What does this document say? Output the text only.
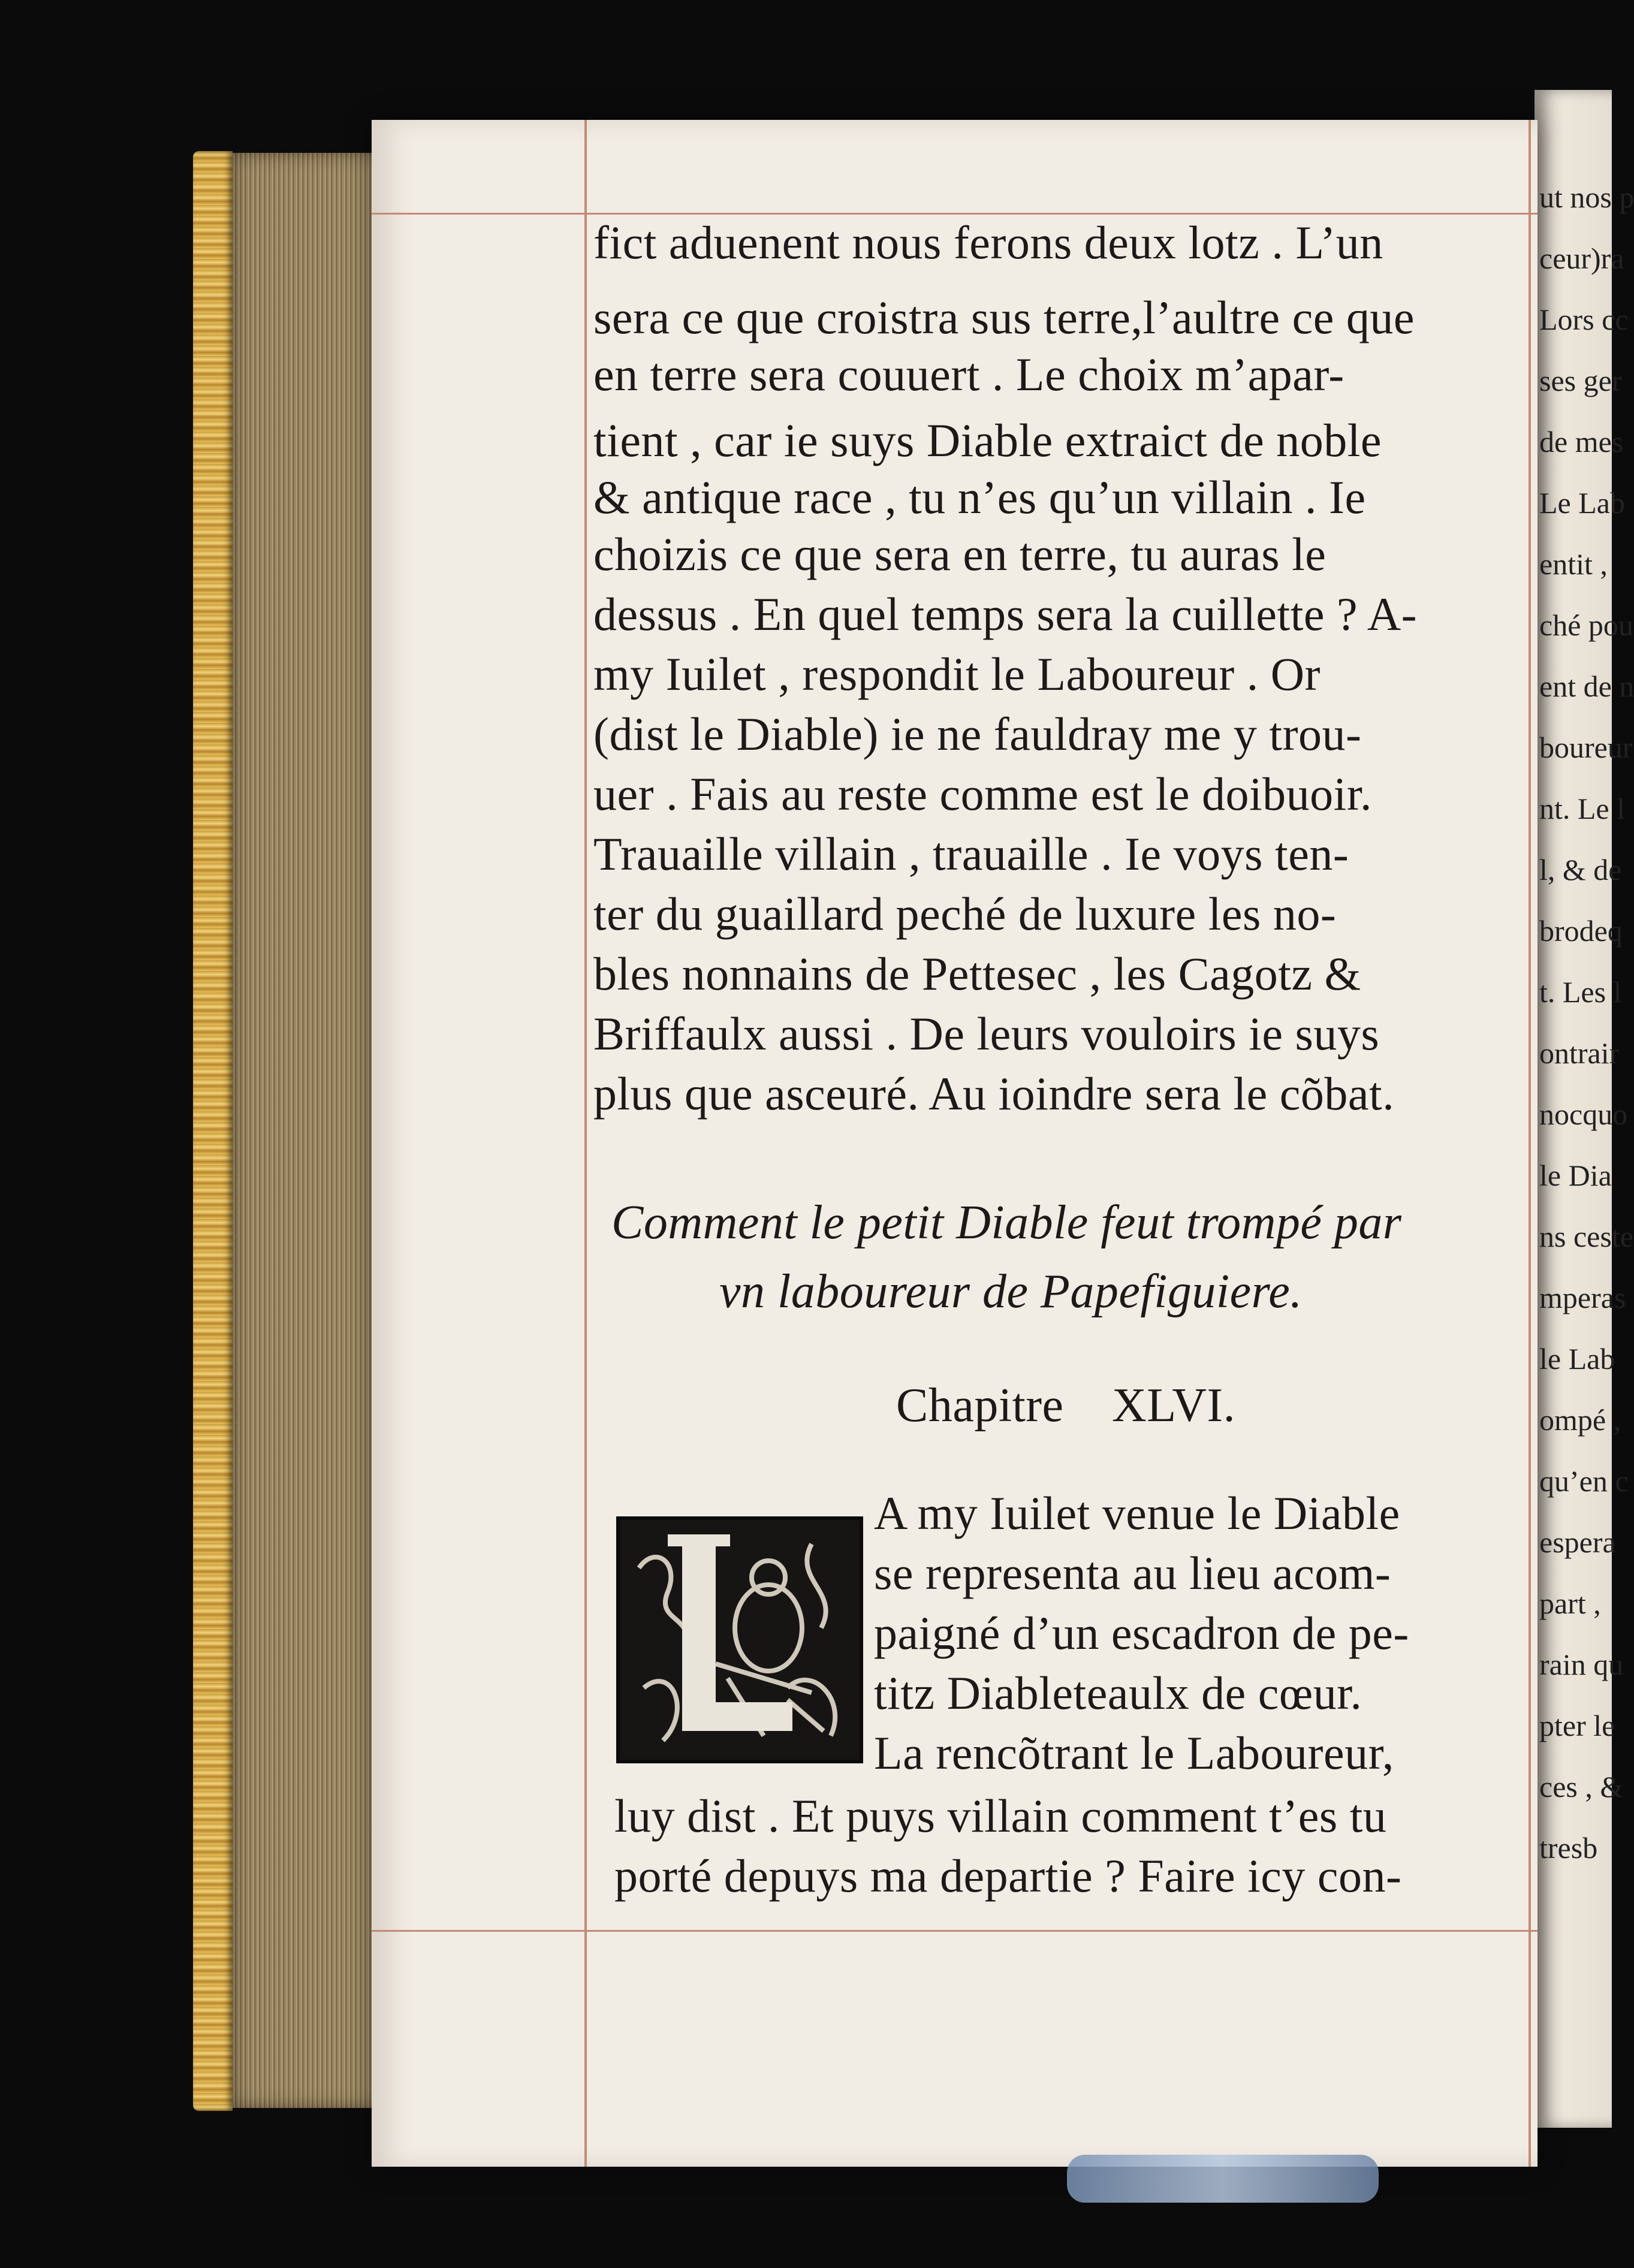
ut nos p
ceur)ra
Lors cc
ses ger
de mes
Le Lab
entit ,
ché pou
ent de n
boureur
nt. Le l
l, & de
brodeq
t. Les l
ontrair
nocquo
le Dia
ns ceste
mperas
le Lab
ompé ,
qu’en c
espera
part ,
rain qu
pter le
ces , &
tresb
fict aduenent nous ferons deux lotz . L’un
sera ce que croistra sus terre,l’aultre ce que
en terre sera couuert . Le choix m’apar-
tient , car ie suys Diable extraict de noble
& antique race , tu n’es qu’un villain . Ie
choizis ce que sera en terre, tu auras le
dessus . En quel temps sera la cuillette ? A-
my Iuilet , respondit le Laboureur . Or
(dist le Diable) ie ne fauldray me y trou-
uer . Fais au reste comme est le doibuoir.
Trauaille villain , trauaille . Ie voys ten-
ter du guaillard peché de luxure les no-
bles nonnains de Pettesec , les Cagotz &
Briffaulx aussi . De leurs vouloirs ie suys
plus que asceuré. Au ioindre sera le cõbat.
Comment le petit Diable feut trompé par
vn laboureur de Papefiguiere.
Chapitre XLVI.
A my Iuilet venue le Diable
se representa au lieu acom-
paigné d’un escadron de pe-
titz Diableteaulx de cœur.
La rencõtrant le Laboureur,
luy dist . Et puys villain comment t’es tu
porté depuys ma departie ? Faire icy con-
